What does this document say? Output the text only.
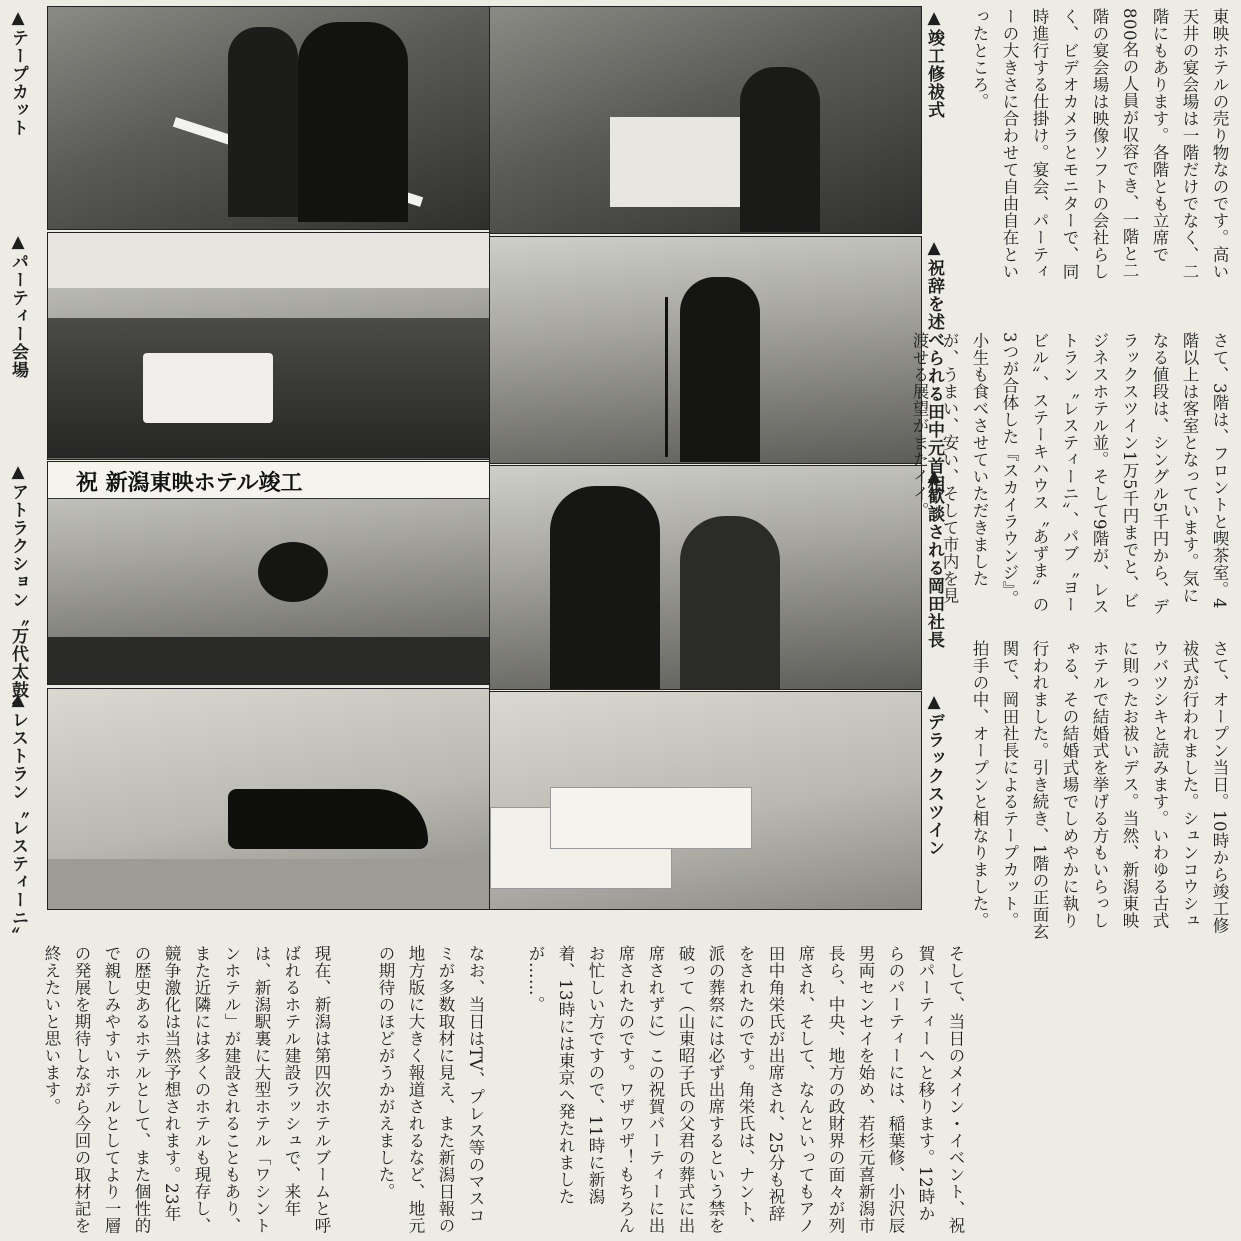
祝 新潟東映ホテル竣工
▲テープカット
▲パーティー会場
▲アトラクション〝万代太鼓〞
▲レストラン〝レスティーニ〞
▲竣工修祓式
▲祝辞を述べられる田中元首相
▲歓談される岡田社長
▲デラックスツイン

東映ホテルの売り物なのです。高い天井の宴会場は一階だけでなく、二階にもあります。各階とも立席で800名の人員が収容でき、一階と二階の宴会場は映像ソフトの会社らしく、ビデオカメラとモニターで、同時進行する仕掛け。宴会、パーティーの大きさに合わせて自由自在といったところ。

さて、3階は、フロントと喫茶室。4階以上は客室となっています。気になる値段は、シングル5千円から、デラックスツイン1万5千円までと、ビジネスホテル並。そして9階が、レストラン〝レスティーニ〞、パブ〝ヨービル〞、ステーキハウス〝あずま〞の3つが合体した『スカイラウンジ』。小生も食べさせていただきましたが、うまい、安い、そして市内を見渡せる展望がまたイイ。

さて、オープン当日。10時から竣工修祓式が行われました。シュンコウシュウバツシキと読みます。いわゆる古式に則ったお祓いデス。当然、新潟東映ホテルで結婚式を挙げる方もいらっしゃる、その結婚式場でしめやかに執り行われました。引き続き、1階の正面玄関で、岡田社長によるテープカット。拍手の中、オープンと相なりました。

そして、当日のメイン・イベント、祝賀パーティーへと移ります。12時からのパーティーには、稲葉修、小沢辰男両センセイを始め、若杉元喜新潟市長ら、中央、地方の政財界の面々が列席され、そして、なんといってもアノ田中角栄氏が出席され、25分も祝辞をされたのです。角栄氏は、ナント、派の葬祭には必ず出席するという禁を破って（山東昭子氏の父君の葬式に出席されずに）この祝賀パーティーに出席されたのです。ワザワザ！もちろんお忙しい方ですので、11時に新潟着、13時には東京へ発たれましたが……。

なお、当日はTV、プレス等のマスコミが多数取材に見え、また新潟日報の地方版に大きく報道されるなど、地元の期待のほどがうかがえました。

現在、新潟は第四次ホテルブームと呼ばれるホテル建設ラッシュで、来年は、新潟駅裏に大型ホテル「ワシントンホテル」が建設されることもあり、また近隣には多くのホテルも現存し、競争激化は当然予想されます。23年の歴史あるホテルとして、また個性的で親しみやすいホテルとしてより一層の発展を期待しながら今回の取材記を終えたいと思います。
